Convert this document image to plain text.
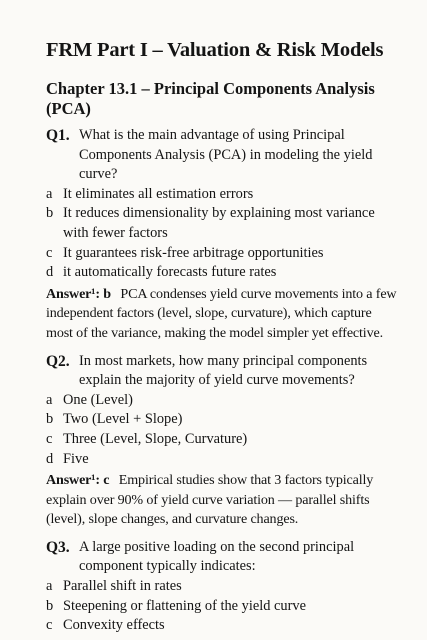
FRM Part I – Valuation & Risk Models
Chapter 13.1 – Principal Components Analysis (PCA)
Q1. What is the main advantage of using Principal Components Analysis (PCA) in modeling the yield curve?
a It eliminates all estimation errors
b It reduces dimensionality by explaining most variance with fewer factors
c It guarantees risk-free arbitrage opportunities
d it automatically forecasts future rates

Answer¹: b PCA condenses yield curve movements into a few independent factors (level, slope, curvature), which capture most of the variance, making the model simpler yet effective.

Q2. In most markets, how many principal components explain the majority of yield curve movements?
a One (Level)
b Two (Level + Slope)
c Three (Level, Slope, Curvature)
d Five

Answer¹: c Empirical studies show that 3 factors typically explain over 90% of yield curve variation — parallel shifts (level), slope changes, and curvature changes.

Q3. A large positive loading on the second principal component typically indicates:
a Parallel shift in rates
b Steepening or flattening of the yield curve
c Convexity effects
